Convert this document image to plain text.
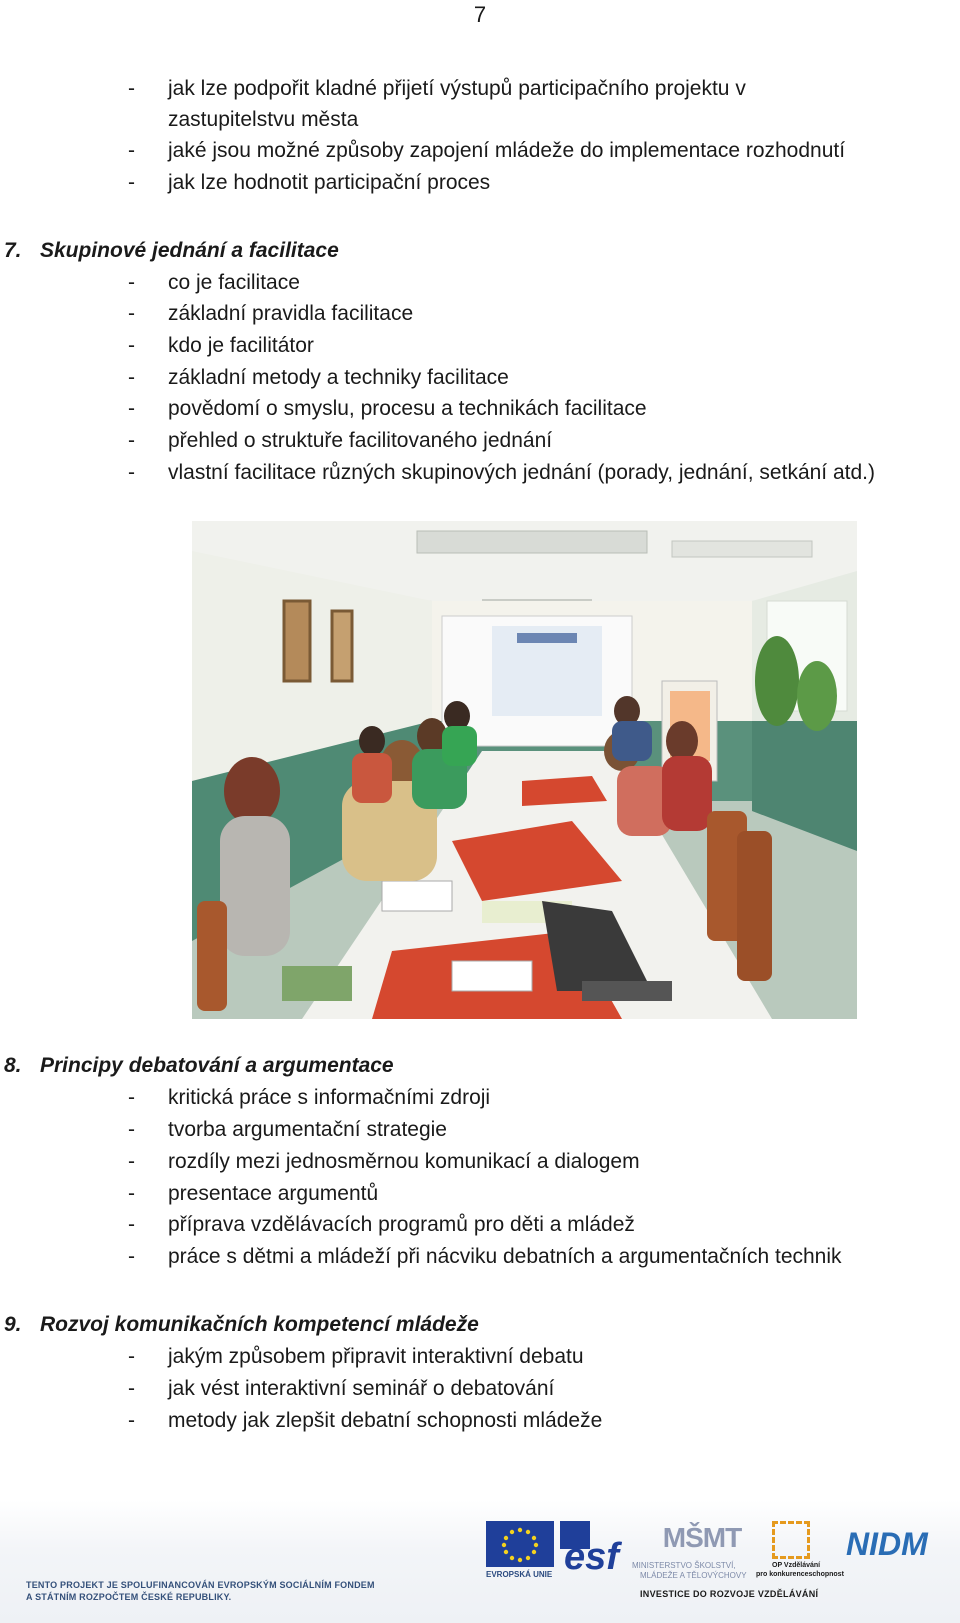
7
- jak lze podpořit kladné přijetí výstupů participačního projektu v
zastupitelstvu města
- jaké jsou možné způsoby zapojení mládeže do implementace rozhodnutí
- jak lze hodnotit participační proces
7. Skupinové jednání a facilitace
- co je facilitace
- základní pravidla facilitace
- kdo je facilitátor
- základní metody a techniky facilitace
- povědomí o smyslu, procesu a technikách facilitace
- přehled o struktuře facilitovaného jednání
- vlastní facilitace různých skupinových jednání (porady, jednání, setkání atd.)
8. Principy debatování a argumentace
- kritická práce s informačními zdroji
- tvorba argumentační strategie
- rozdíly mezi jednosměrnou komunikací a dialogem
- presentace argumentů
- příprava vzdělávacích programů pro děti a mládež
- práce s dětmi a mládeží při nácviku debatních a argumentačních technik
9. Rozvoj komunikačních kompetencí mládeže
- jakým způsobem připravit interaktivní debatu
- jak vést interaktivní seminář o debatování
- metody jak zlepšit debatní schopnosti mládeže
TENTO PROJEKT JE SPOLUFINANCOVÁN EVROPSKÝM SOCIÁLNÍM FONDEM
A STÁTNÍM ROZPOČTEM ČESKÉ REPUBLIKY.
EVROPSKÁ UNIE esf MŠMT
MINISTERSTVO ŠKOLSTVÍ,
MLÁDEŽE A TĚLOVÝCHOVY
OP Vzdělávání
pro konkurenceschopnost
NIDM
INVESTICE DO ROZVOJE VZDĚLÁVÁNÍ
